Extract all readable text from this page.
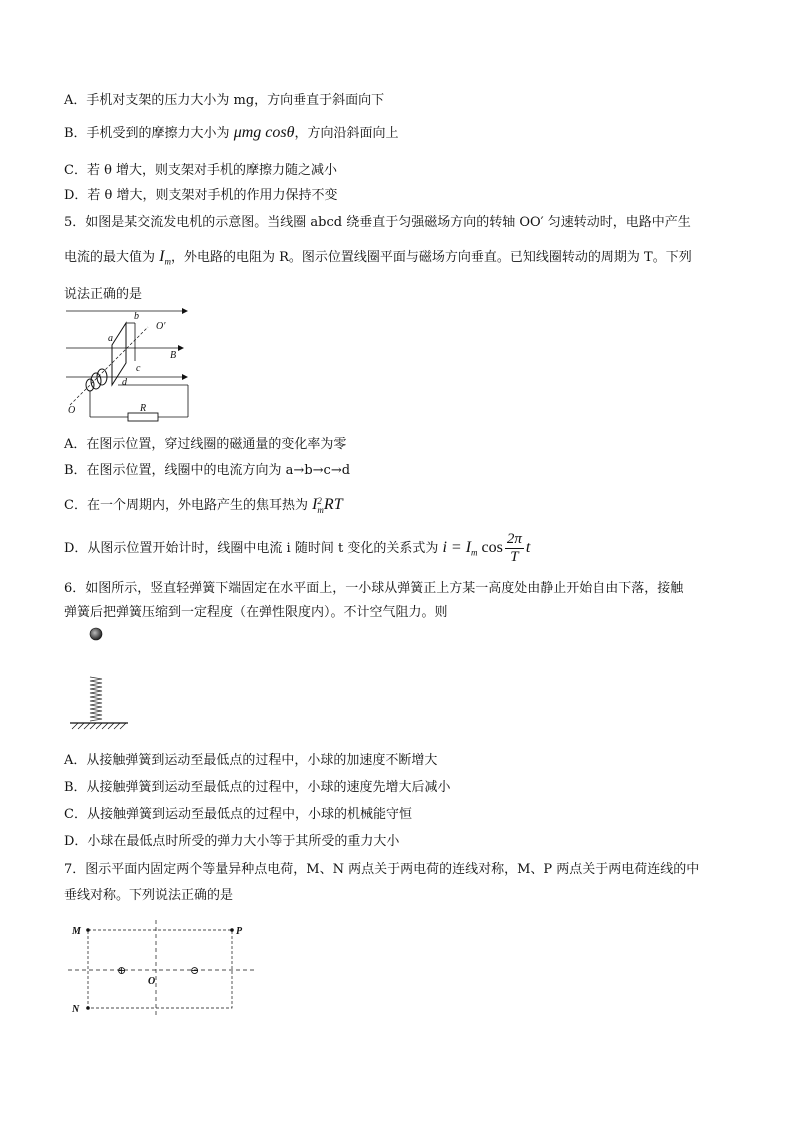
A．手机对支架的压力大小为 mg，方向垂直于斜面向下
B．手机受到的摩擦力大小为 μmg cosθ，方向沿斜面向上
C．若 θ 增大，则支架对手机的摩擦力随之减小
D．若 θ 增大，则支架对手机的作用力保持不变
5．如图是某交流发电机的示意图。当线圈 abcd 绕垂直于匀强磁场方向的转轴 OO′ 匀速转动时，电路中产生
电流的最大值为 $I_m$，外电路的电阻为 R。图示位置线圈平面与磁场方向垂直。已知线圈转动的周期为 T。下列
说法正确的是
b
O′
a
B
c
d
O	R
A．在图示位置，穿过线圈的磁通量的变化率为零
B．在图示位置，线圈中的电流方向为 a→b→c→d
C．在一个周期内，外电路产生的焦耳热为 I 2
m RT
D．从图示位置开始计时，线圈中电流 i 随时间 t 变化的关系式为 $i = I_m$ $\cos \frac{2\pi}{T}$ t
6．如图所示，竖直轻弹簧下端固定在水平面上，一小球从弹簧正上方某一高度处由静止开始自由下落，接触
弹簧后把弹簧压缩到一定程度（在弹性限度内）。不计空气阻力。则
A．从接触弹簧到运动至最低点的过程中，小球的加速度不断增大
B．从接触弹簧到运动至最低点的过程中，小球的速度先增大后减小
C．从接触弹簧到运动至最低点的过程中，小球的机械能守恒
D．小球在最低点时所受的弹力大小等于其所受的重力大小
7．图示平面内固定两个等量异种点电荷，M、N 两点关于两电荷的连线对称，M、P 两点关于两电荷连线的中
垂线对称。下列说法正确的是
⊕	⊖
M	P
N
O
